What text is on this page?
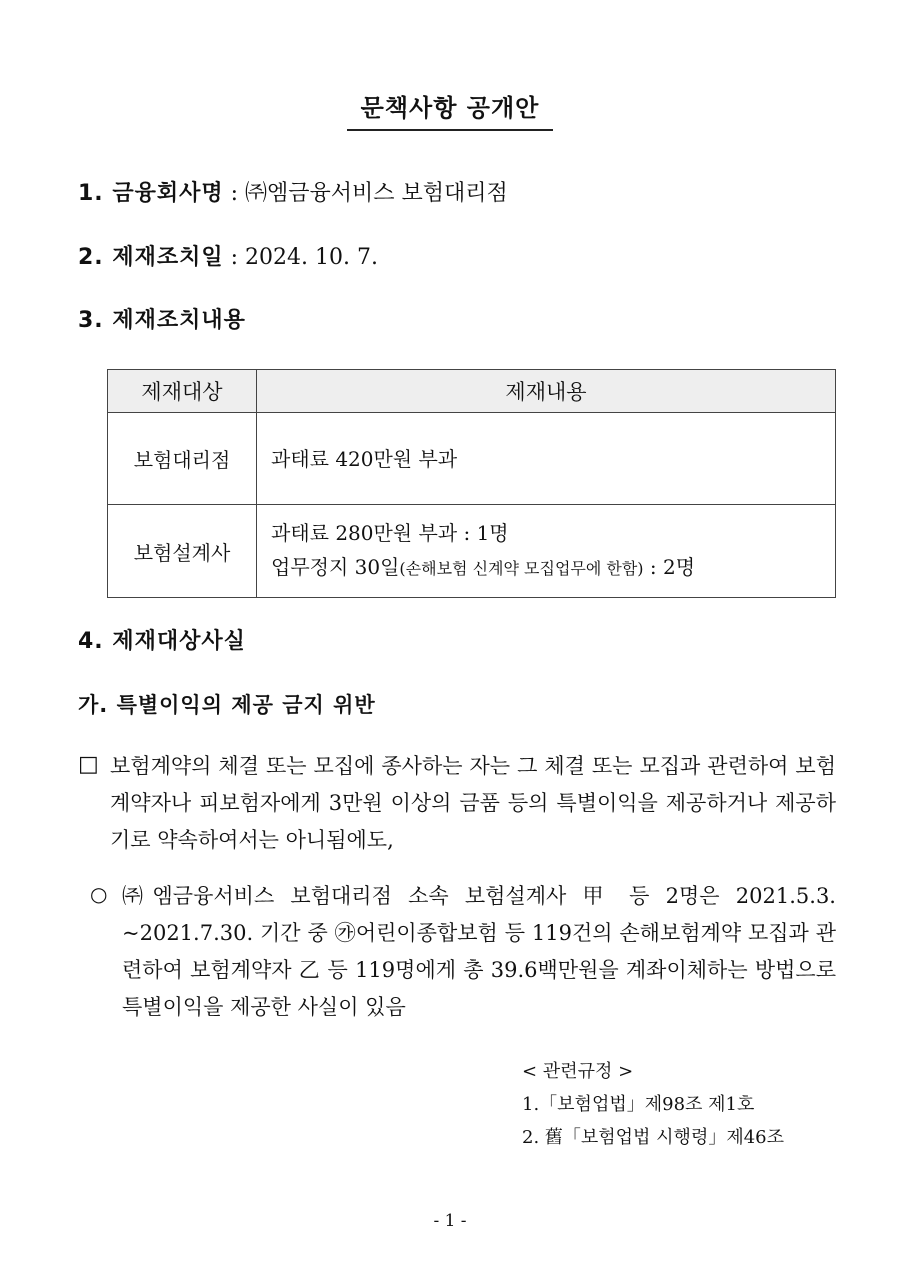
문책사항 공개안
1. 금융회사명 : ㈜엠금융서비스 보험대리점
2. 제재조치일 : 2024. 10. 7.
3. 제재조치내용
제재대상	제재내용
보험대리점	과태료 420만원 부과
보험설계사	과태료 280만원 부과 : 1명
업무정지 30일(손해보험 신계약 모집업무에 한함) : 2명
4. 제재대상사실
가. 특별이익의 제공 금지 위반
□ 보험계약의 체결 또는 모집에 종사하는 자는 그 체결 또는 모집과 관련하여 보험계약자나 피보험자에게 3만원 이상의 금품 등의 특별이익을 제공하거나 제공하기로 약속하여서는 아니됨에도,
○ ㈜엠금융서비스 보험대리점 소속 보험설계사 甲 등 2명은 2021.5.3. ~2021.7.30. 기간 중 ㉮어린이종합보험 등 119건의 손해보험계약 모집과 관련하여 보험계약자 乙 등 119명에게 총 39.6백만원을 계좌이체하는 방법으로 특별이익을 제공한 사실이 있음
< 관련규정 >
1.「보험업법」제98조 제1호
2. 舊「보험업법 시행령」제46조
- 1 -
